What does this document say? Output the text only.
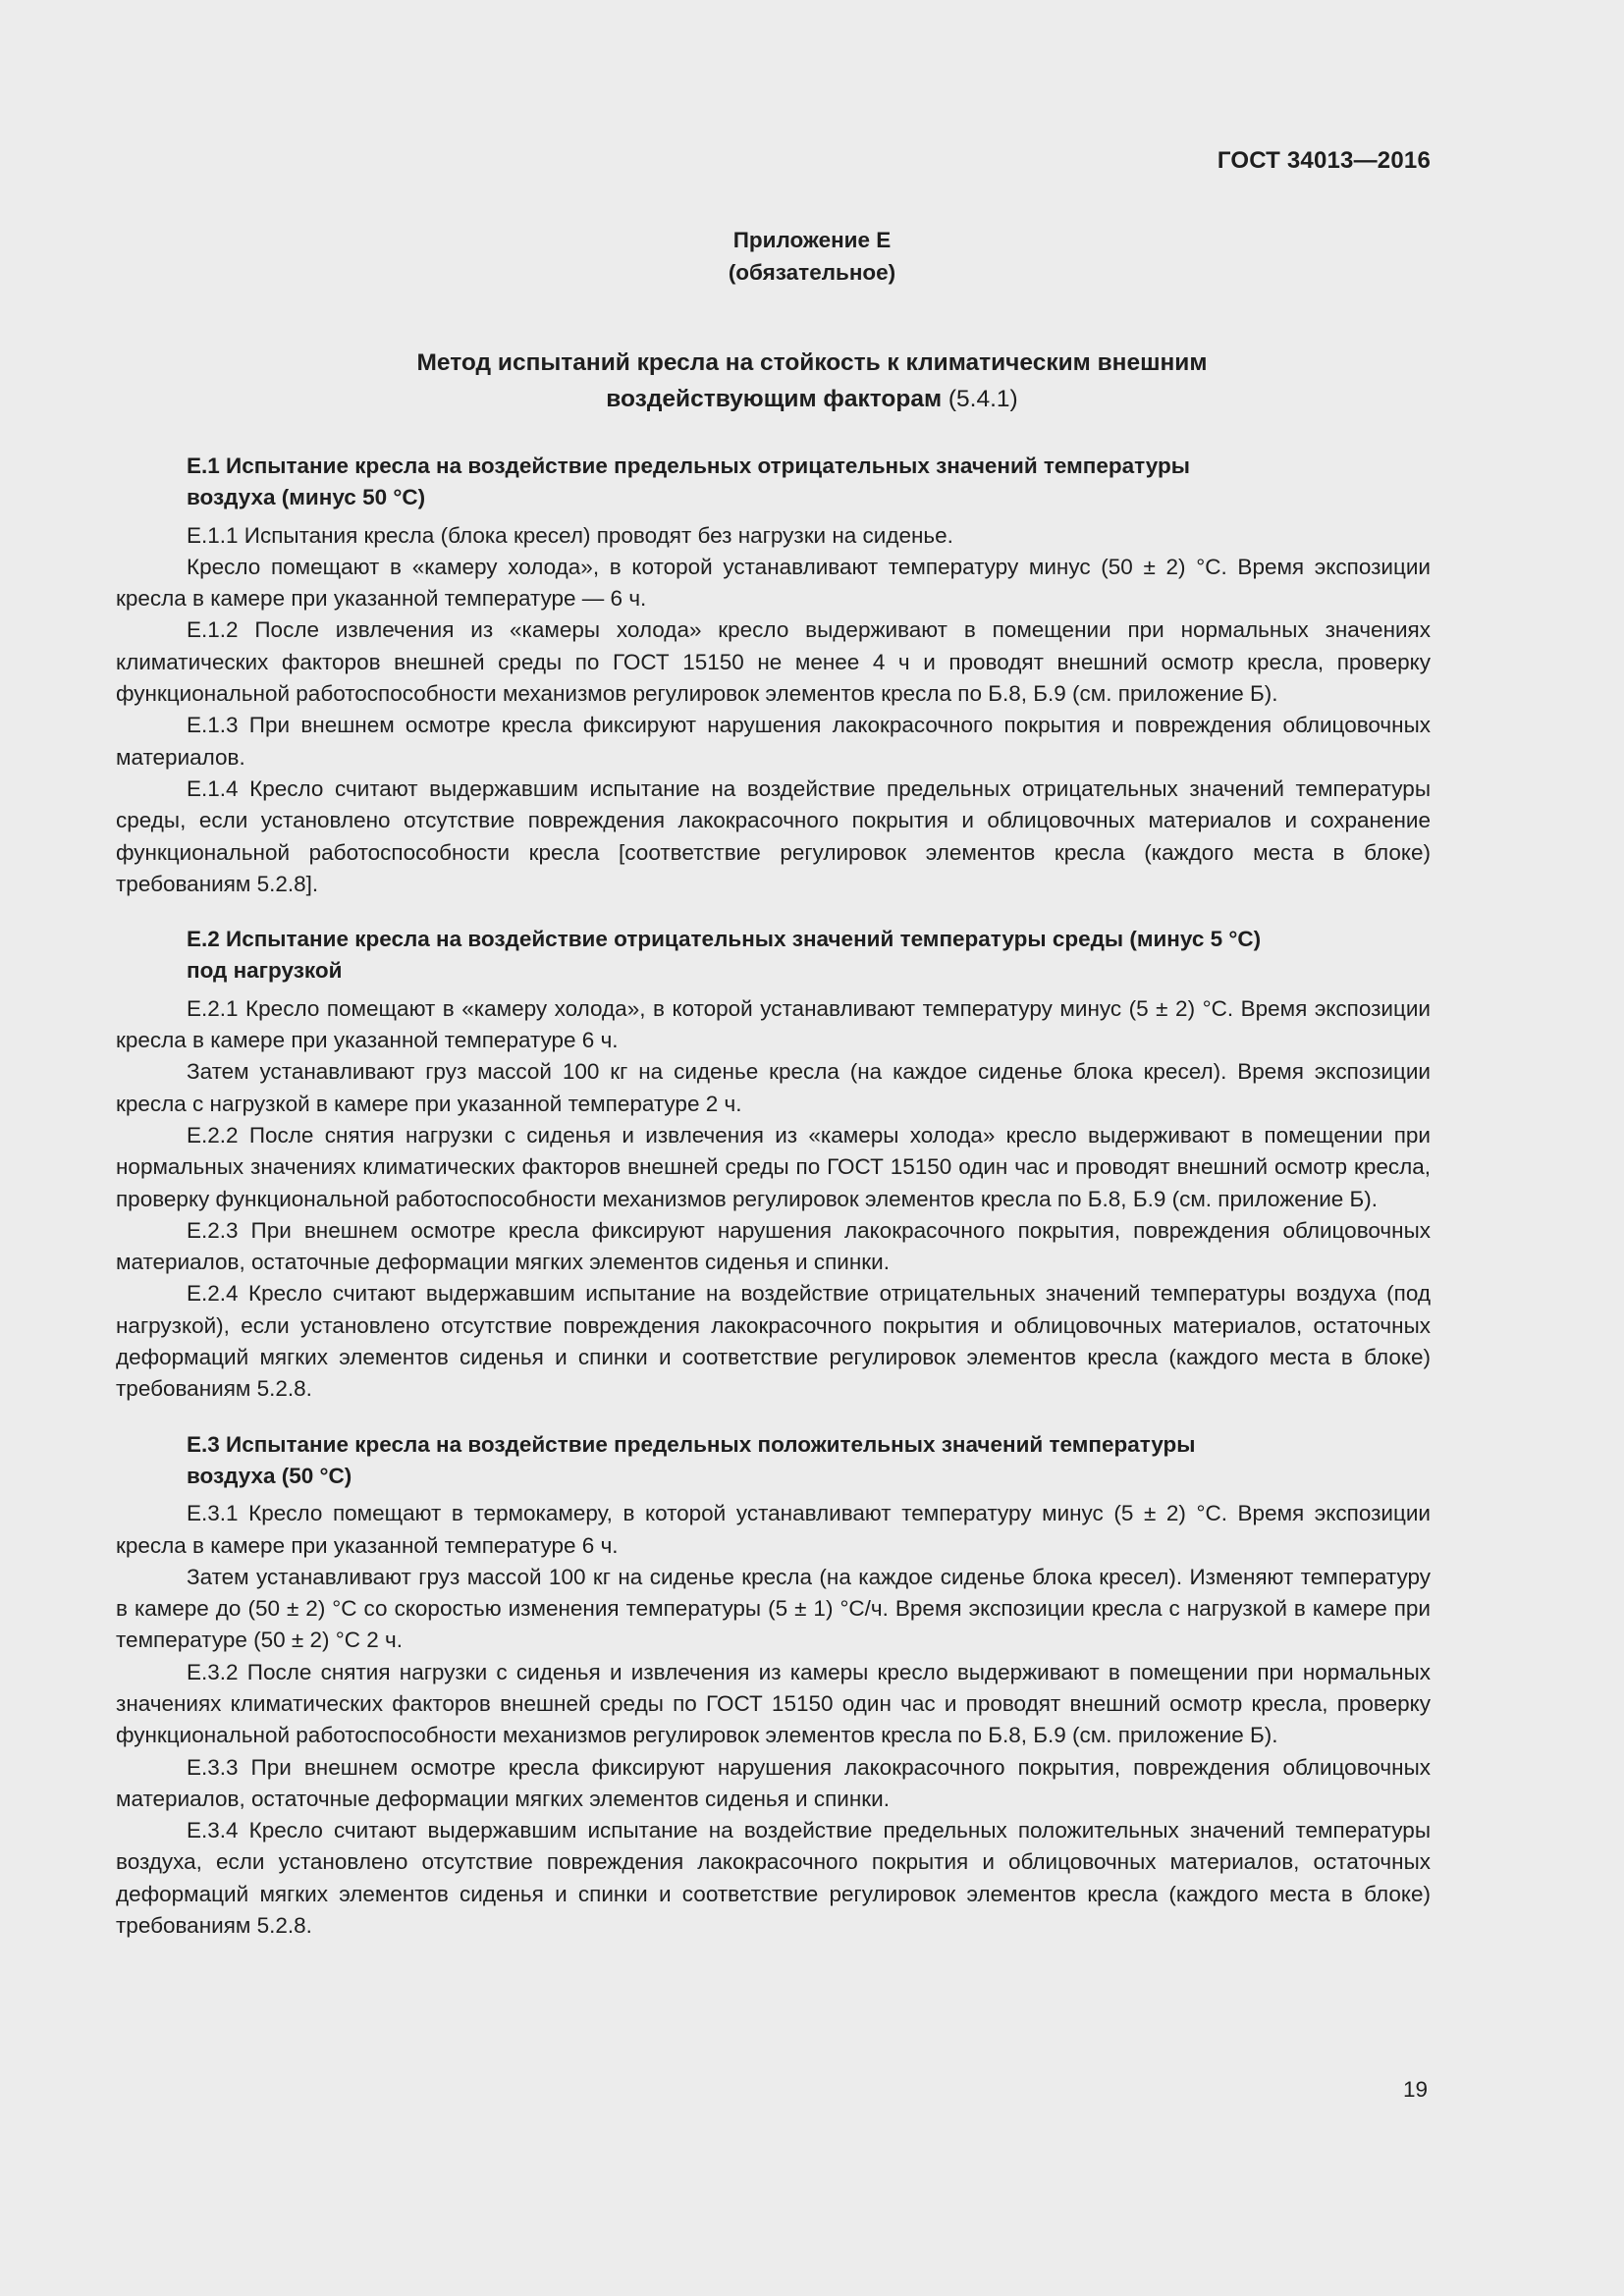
ГОСТ 34013—2016
Приложение Е
(обязательное)
Метод испытаний кресла на стойкость к климатическим внешним
воздействующим факторам (5.4.1)
Е.1 Испытание кресла на воздействие предельных отрицательных значений температуры
воздуха (минус 50 °С)

Е.1.1 Испытания кресла (блока кресел) проводят без нагрузки на сиденье.

Кресло помещают в «камеру холода», в которой устанавливают температуру минус (50 ± 2) °С. Время экспозиции кресла в камере при указанной температуре — 6 ч.

Е.1.2 После извлечения из «камеры холода» кресло выдерживают в помещении при нормальных значениях климатических факторов внешней среды по ГОСТ 15150 не менее 4 ч и проводят внешний осмотр кресла, проверку функциональной работоспособности механизмов регулировок элементов кресла по Б.8, Б.9 (см. приложение Б).

Е.1.3 При внешнем осмотре кресла фиксируют нарушения лакокрасочного покрытия и повреждения облицовочных материалов.

Е.1.4 Кресло считают выдержавшим испытание на воздействие предельных отрицательных значений температуры среды, если установлено отсутствие повреждения лакокрасочного покрытия и облицовочных материалов и сохранение функциональной работоспособности кресла [соответствие регулировок элементов кресла (каждого места в блоке) требованиям 5.2.8].

Е.2 Испытание кресла на воздействие отрицательных значений температуры среды (минус 5 °С)
под нагрузкой

Е.2.1 Кресло помещают в «камеру холода», в которой устанавливают температуру минус (5 ± 2) °С. Время экспозиции кресла в камере при указанной температуре 6 ч.

Затем устанавливают груз массой 100 кг на сиденье кресла (на каждое сиденье блока кресел). Время экспозиции кресла с нагрузкой в камере при указанной температуре 2 ч.

Е.2.2 После снятия нагрузки с сиденья и извлечения из «камеры холода» кресло выдерживают в помещении при нормальных значениях климатических факторов внешней среды по ГОСТ 15150 один час и проводят внешний осмотр кресла, проверку функциональной работоспособности механизмов регулировок элементов кресла по Б.8, Б.9 (см. приложение Б).

Е.2.3 При внешнем осмотре кресла фиксируют нарушения лакокрасочного покрытия, повреждения облицовочных материалов, остаточные деформации мягких элементов сиденья и спинки.

Е.2.4 Кресло считают выдержавшим испытание на воздействие отрицательных значений температуры воздуха (под нагрузкой), если установлено отсутствие повреждения лакокрасочного покрытия и облицовочных материалов, остаточных деформаций мягких элементов сиденья и спинки и соответствие регулировок элементов кресла (каждого места в блоке) требованиям 5.2.8.

Е.3 Испытание кресла на воздействие предельных положительных значений температуры
воздуха (50 °С)

Е.3.1 Кресло помещают в термокамеру, в которой устанавливают температуру минус (5 ± 2) °С. Время экспозиции кресла в камере при указанной температуре 6 ч.

Затем устанавливают груз массой 100 кг на сиденье кресла (на каждое сиденье блока кресел). Изменяют температуру в камере до (50 ± 2) °С со скоростью изменения температуры (5 ± 1) °С/ч. Время экспозиции кресла с нагрузкой в камере при температуре (50 ± 2) °С 2 ч.

Е.3.2 После снятия нагрузки с сиденья и извлечения из камеры кресло выдерживают в помещении при нормальных значениях климатических факторов внешней среды по ГОСТ 15150 один час и проводят внешний осмотр кресла, проверку функциональной работоспособности механизмов регулировок элементов кресла по Б.8, Б.9 (см. приложение Б).

Е.3.3 При внешнем осмотре кресла фиксируют нарушения лакокрасочного покрытия, повреждения облицовочных материалов, остаточные деформации мягких элементов сиденья и спинки.

Е.3.4 Кресло считают выдержавшим испытание на воздействие предельных положительных значений температуры воздуха, если установлено отсутствие повреждения лакокрасочного покрытия и облицовочных материалов, остаточных деформаций мягких элементов сиденья и спинки и соответствие регулировок элементов кресла (каждого места в блоке) требованиям 5.2.8.

19
